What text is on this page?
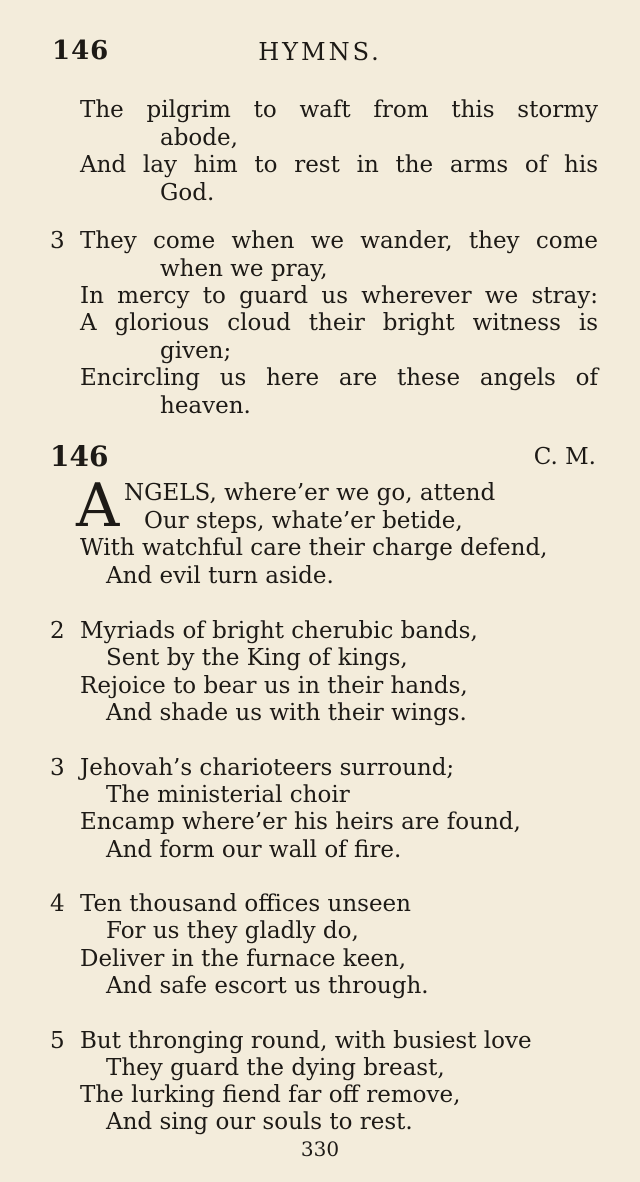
146	HYMNS.
The pilgrim to waft from this stormy
abode,
And lay him to rest in the arms of his
God.
3 They come when we wander, they come
when we pray,
In mercy to guard us wherever we stray:
A glorious cloud their bright witness is
given;
Encircling us here are these angels of
heaven.
146	C. M.
A NGELS, where’er we go, attend
Our steps, whate’er betide,
With watchful care their charge defend,
And evil turn aside.
2 Myriads of bright cherubic bands,
Sent by the King of kings,
Rejoice to bear us in their hands,
And shade us with their wings.
3 Jehovah’s charioteers surround;
The ministerial choir
Encamp where’er his heirs are found,
And form our wall of fire.
4 Ten thousand offices unseen
For us they gladly do,
Deliver in the furnace keen,
And safe escort us through.
5 But thronging round, with busiest love
They guard the dying breast,
The lurking fiend far off remove,
And sing our souls to rest.
330
